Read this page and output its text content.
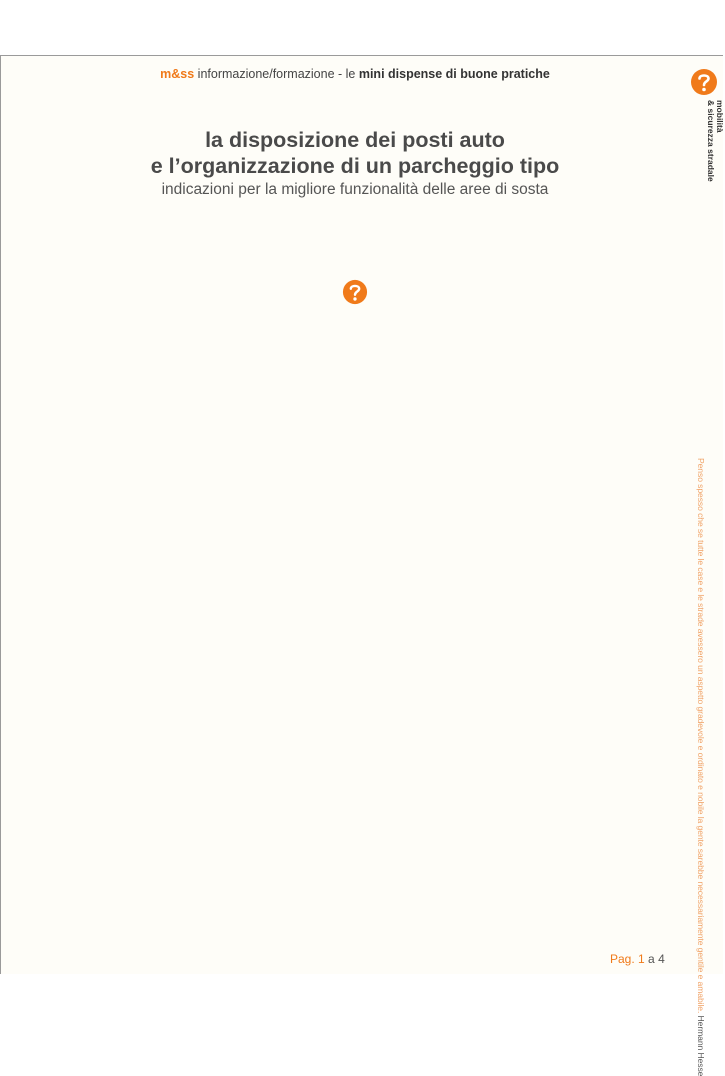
m&ss informazione/formazione - le mini dispense di buone pratiche
mobilità
& sicurezza stradale
la disposizione dei posti auto
e l’organizzazione di un parcheggio tipo
indicazioni per la migliore funzionalità delle aree di sosta
Penso spesso che se tutte le case e le strade avessero un aspetto gradevole e ordinato e nobile la gente sarebbe necessariamente gentile e amabile. Hermann Hesse
Pag. 1 a 4
